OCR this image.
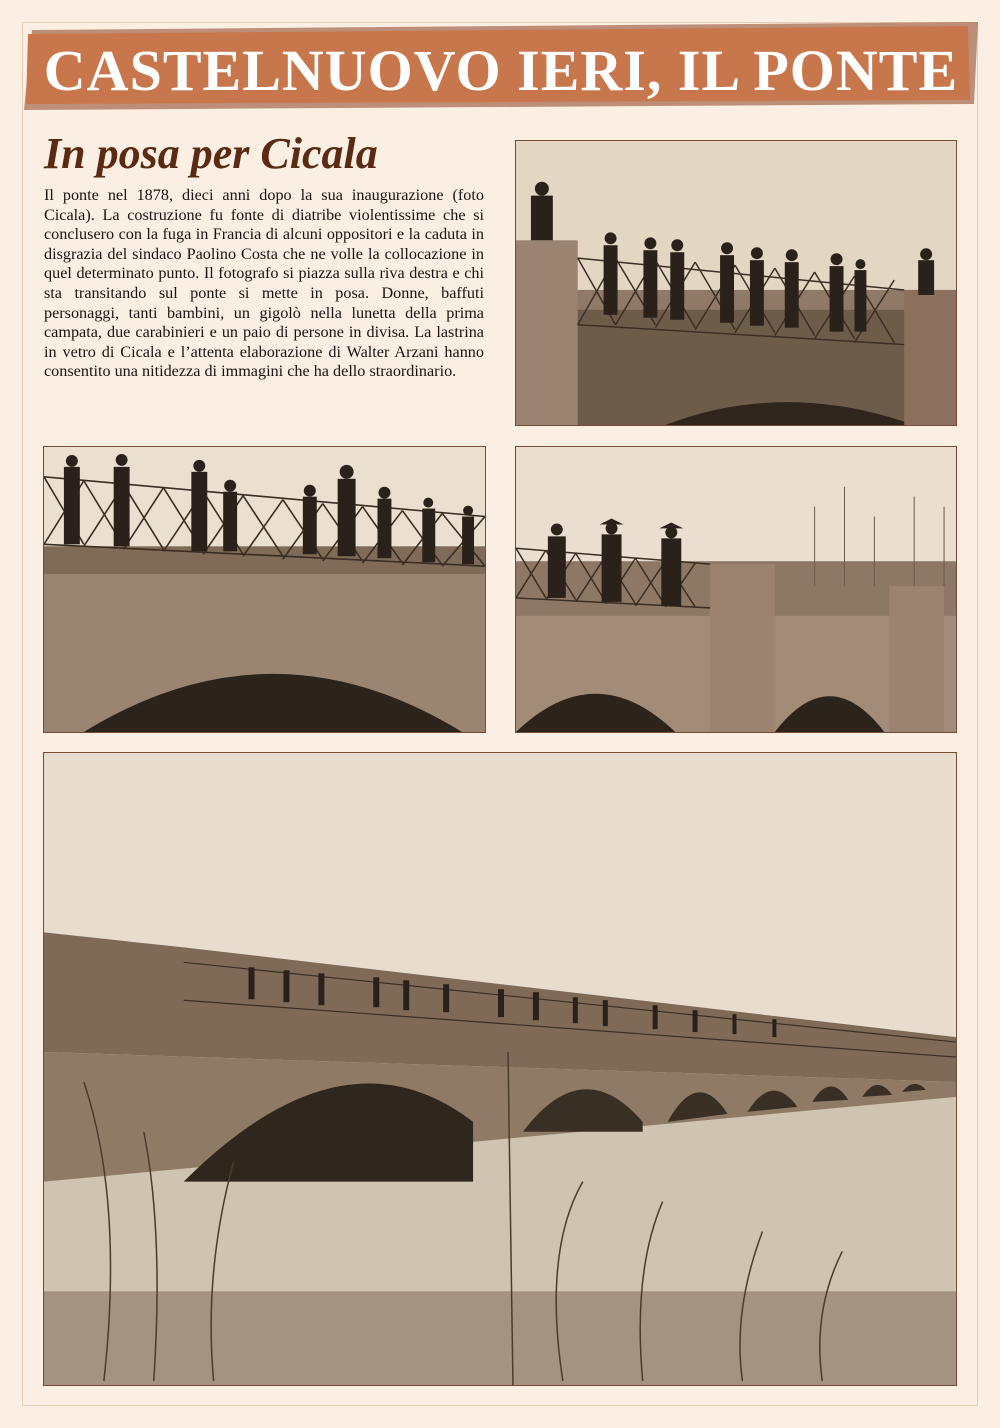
CASTELNUOVO IERI, IL PONTE
In posa per Cicala

Il ponte nel 1878, dieci anni dopo la sua inaugurazione (foto Cicala). La costruzione fu fonte di diatribe violentissime che si conclusero con la fuga in Francia di alcuni oppositori e la caduta in disgrazia del sindaco Paolino Costa che ne volle la collocazione in quel determinato punto. Il fotografo si piazza sulla riva destra e chi sta transitando sul ponte si mette in posa. Donne, baffuti personaggi, tanti bambini, un gigolò nella lunetta della prima campata, due carabinieri e un paio di persone in divisa. La lastrina in vetro di Cicala e l’attenta elaborazione di Walter Arzani hanno consentito una nitidezza di immagini che ha dello straordinario.
